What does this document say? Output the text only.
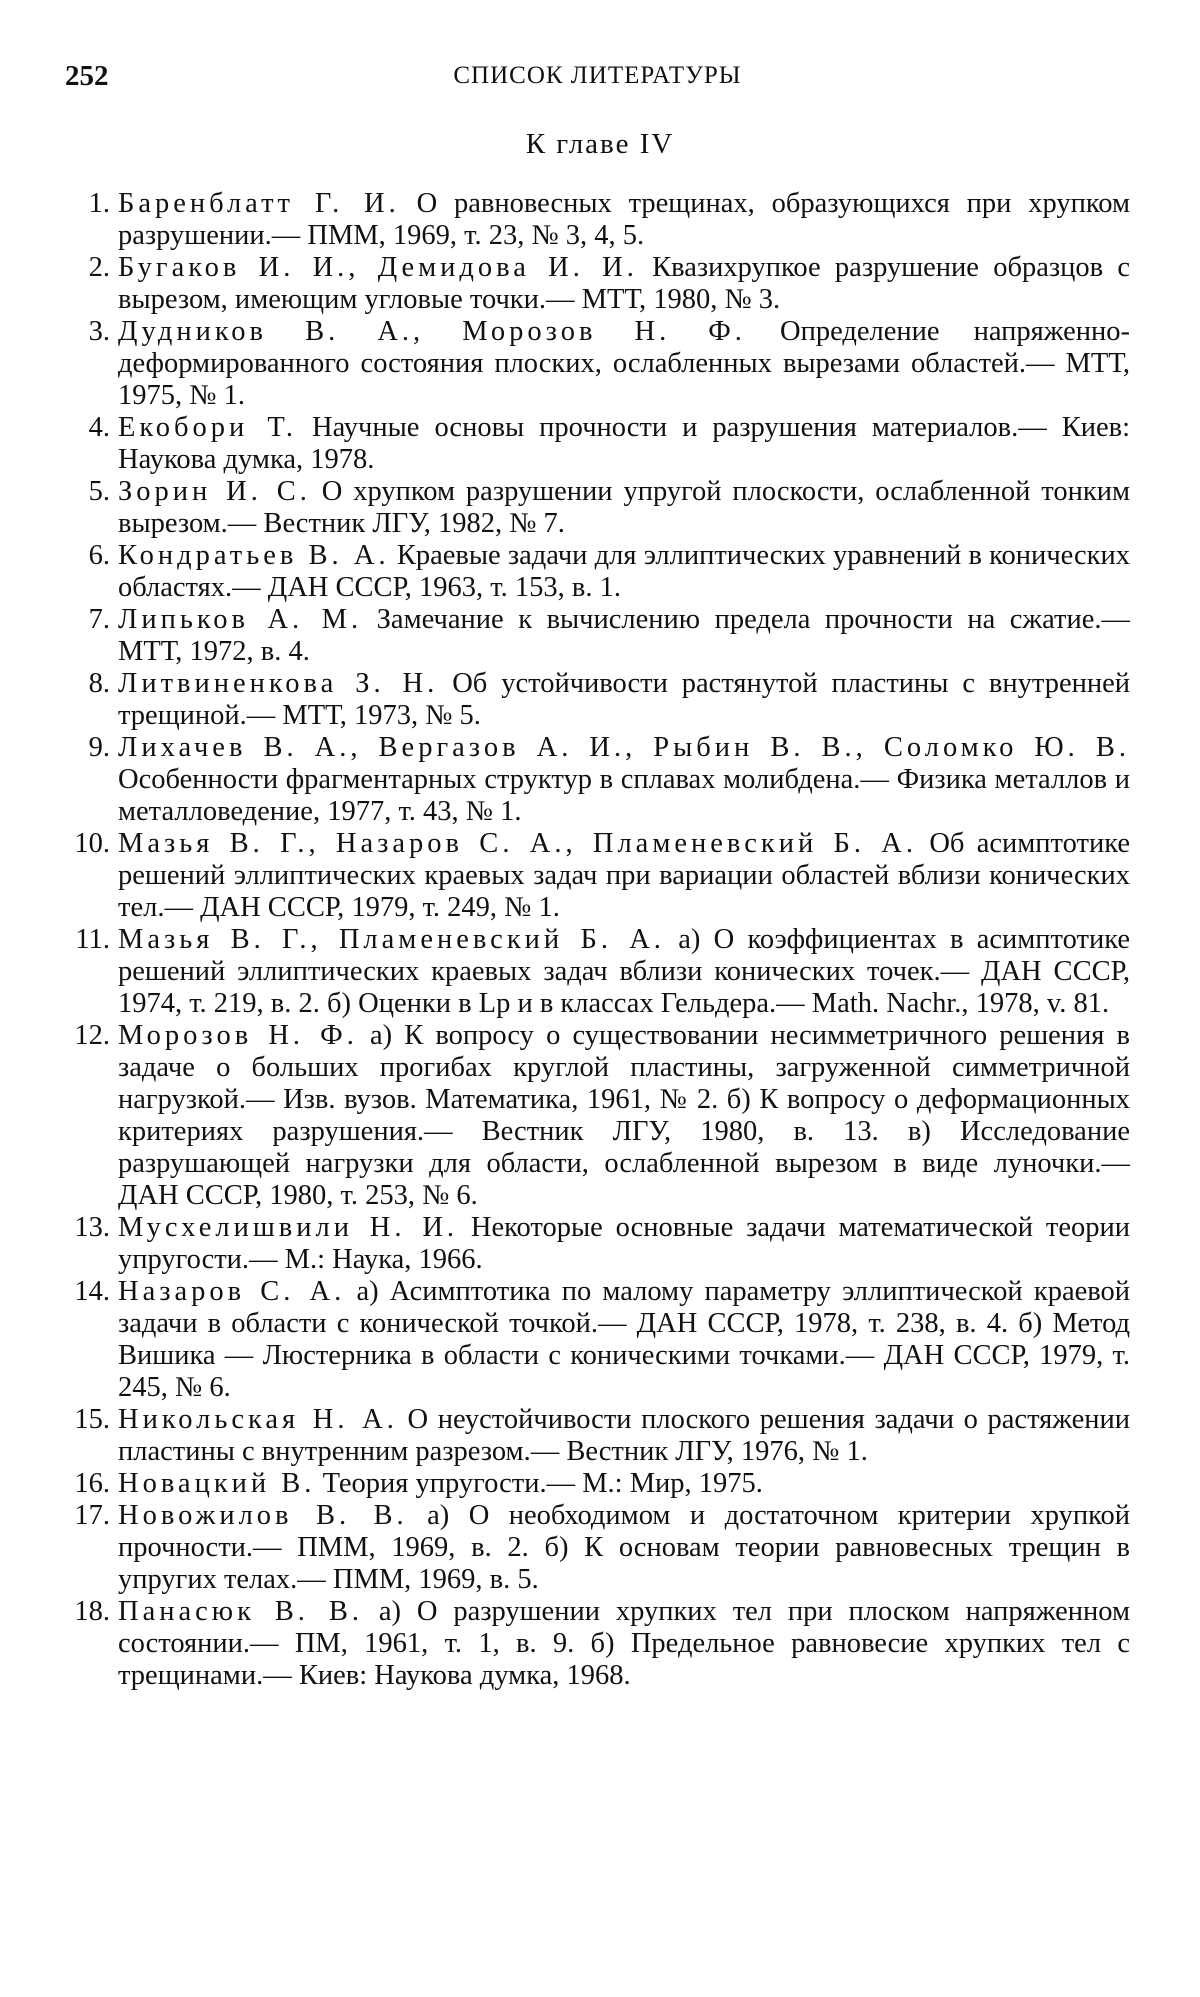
252	СПИСОК ЛИТЕРАТУРЫ
К главе IV
1. Баренблатт Г. И. О равновесных трещинах, образующихся при хрупком разрушении.— ПММ, 1969, т. 23, № 3, 4, 5.
2. Бугаков И. И., Демидова И. И. Квазихрупкое разрушение образцов с вырезом, имеющим угловые точки.— МТТ, 1980, № 3.
3. Дудников В. А., Морозов Н. Ф. Определение напряженно-деформированного состояния плоских, ослабленных вырезами областей.— МТТ, 1975, № 1.
4. Екобори Т. Научные основы прочности и разрушения материалов.— Киев: Наукова думка, 1978.
5. Зорин И. С. О хрупком разрушении упругой плоскости, ослабленной тонким вырезом.— Вестник ЛГУ, 1982, № 7.
6. Кондратьев В. А. Краевые задачи для эллиптических уравнений в конических областях.— ДАН СССР, 1963, т. 153, в. 1.
7. Липьков А. М. Замечание к вычислению предела прочности на сжатие.— МТТ, 1972, в. 4.
8. Литвиненкова З. Н. Об устойчивости растянутой пластины с внутренней трещиной.— МТТ, 1973, № 5.
9. Лихачев В. А., Вергазов А. И., Рыбин В. В., Соломко Ю. В. Особенности фрагментарных структур в сплавах молибдена.— Физика металлов и металловедение, 1977, т. 43, № 1.
10. Мазья В. Г., Назаров С. А., Пламеневский Б. А. Об асимптотике решений эллиптических краевых задач при вариации областей вблизи конических тел.— ДАН СССР, 1979, т. 249, № 1.
11. Мазья В. Г., Пламеневский Б. А. а) О коэффициентах в асимптотике решений эллиптических краевых задач вблизи конических точек.— ДАН СССР, 1974, т. 219, в. 2. б) Оценки в Lp и в классах Гельдера.— Math. Nachr., 1978, v. 81.
12. Морозов Н. Ф. а) К вопросу о существовании несимметричного решения в задаче о больших прогибах круглой пластины, загруженной симметричной нагрузкой.— Изв. вузов. Математика, 1961, № 2. б) К вопросу о деформационных критериях разрушения.— Вестник ЛГУ, 1980, в. 13. в) Исследование разрушающей нагрузки для области, ослабленной вырезом в виде луночки.— ДАН СССР, 1980, т. 253, № 6.
13. Мусхелишвили Н. И. Некоторые основные задачи математической теории упругости.— М.: Наука, 1966.
14. Назаров С. А. а) Асимптотика по малому параметру эллиптической краевой задачи в области с конической точкой.— ДАН СССР, 1978, т. 238, в. 4. б) Метод Вишика — Люстерника в области с коническими точками.— ДАН СССР, 1979, т. 245, № 6.
15. Никольская Н. А. О неустойчивости плоского решения задачи о растяжении пластины с внутренним разрезом.— Вестник ЛГУ, 1976, № 1.
16. Новацкий В. Теория упругости.— М.: Мир, 1975.
17. Новожилов В. В. а) О необходимом и достаточном критерии хрупкой прочности.— ПММ, 1969, в. 2. б) К основам теории равновесных трещин в упругих телах.— ПММ, 1969, в. 5.
18. Панасюк В. В. а) О разрушении хрупких тел при плоском напряженном состоянии.— ПМ, 1961, т. 1, в. 9. б) Предельное равновесие хрупких тел с трещинами.— Киев: Наукова думка, 1968.
